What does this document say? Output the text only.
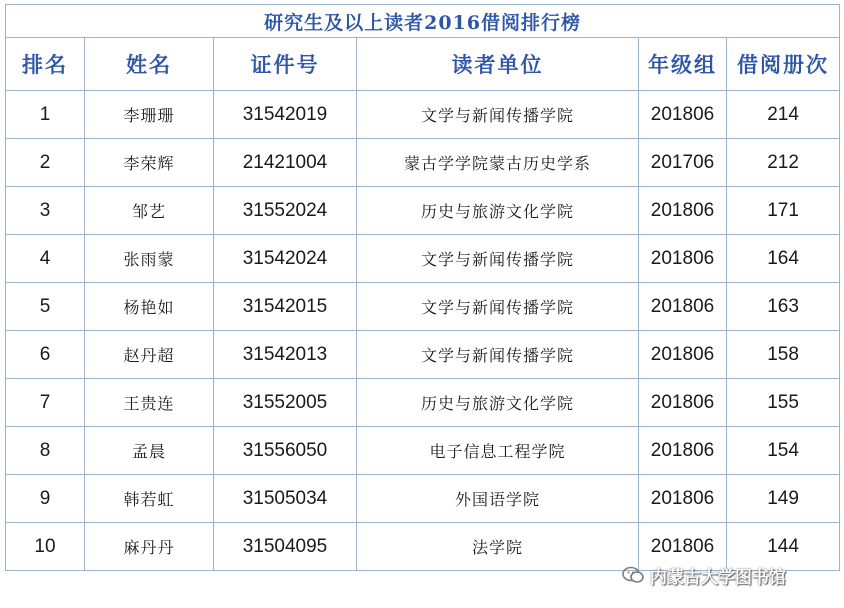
研究生及以上读者2016借阅排行榜					
排名	姓名	证件号	读者单位	年级组	借阅册次
1	李珊珊	31542019	文学与新闻传播学院	201806	214
2	李荣辉	21421004	蒙古学学院蒙古历史学系	201706	212
3	邹艺	31552024	历史与旅游文化学院	201806	171
4	张雨蒙	31542024	文学与新闻传播学院	201806	164
5	杨艳如	31542015	文学与新闻传播学院	201806	163
6	赵丹超	31542013	文学与新闻传播学院	201806	158
7	王贵连	31552005	历史与旅游文化学院	201806	155
8	孟晨	31556050	电子信息工程学院	201806	154
9	韩若虹	31505034	外国语学院	201806	149
10	麻丹丹	31504095	法学院	201806	144
内蒙古大学图书馆
